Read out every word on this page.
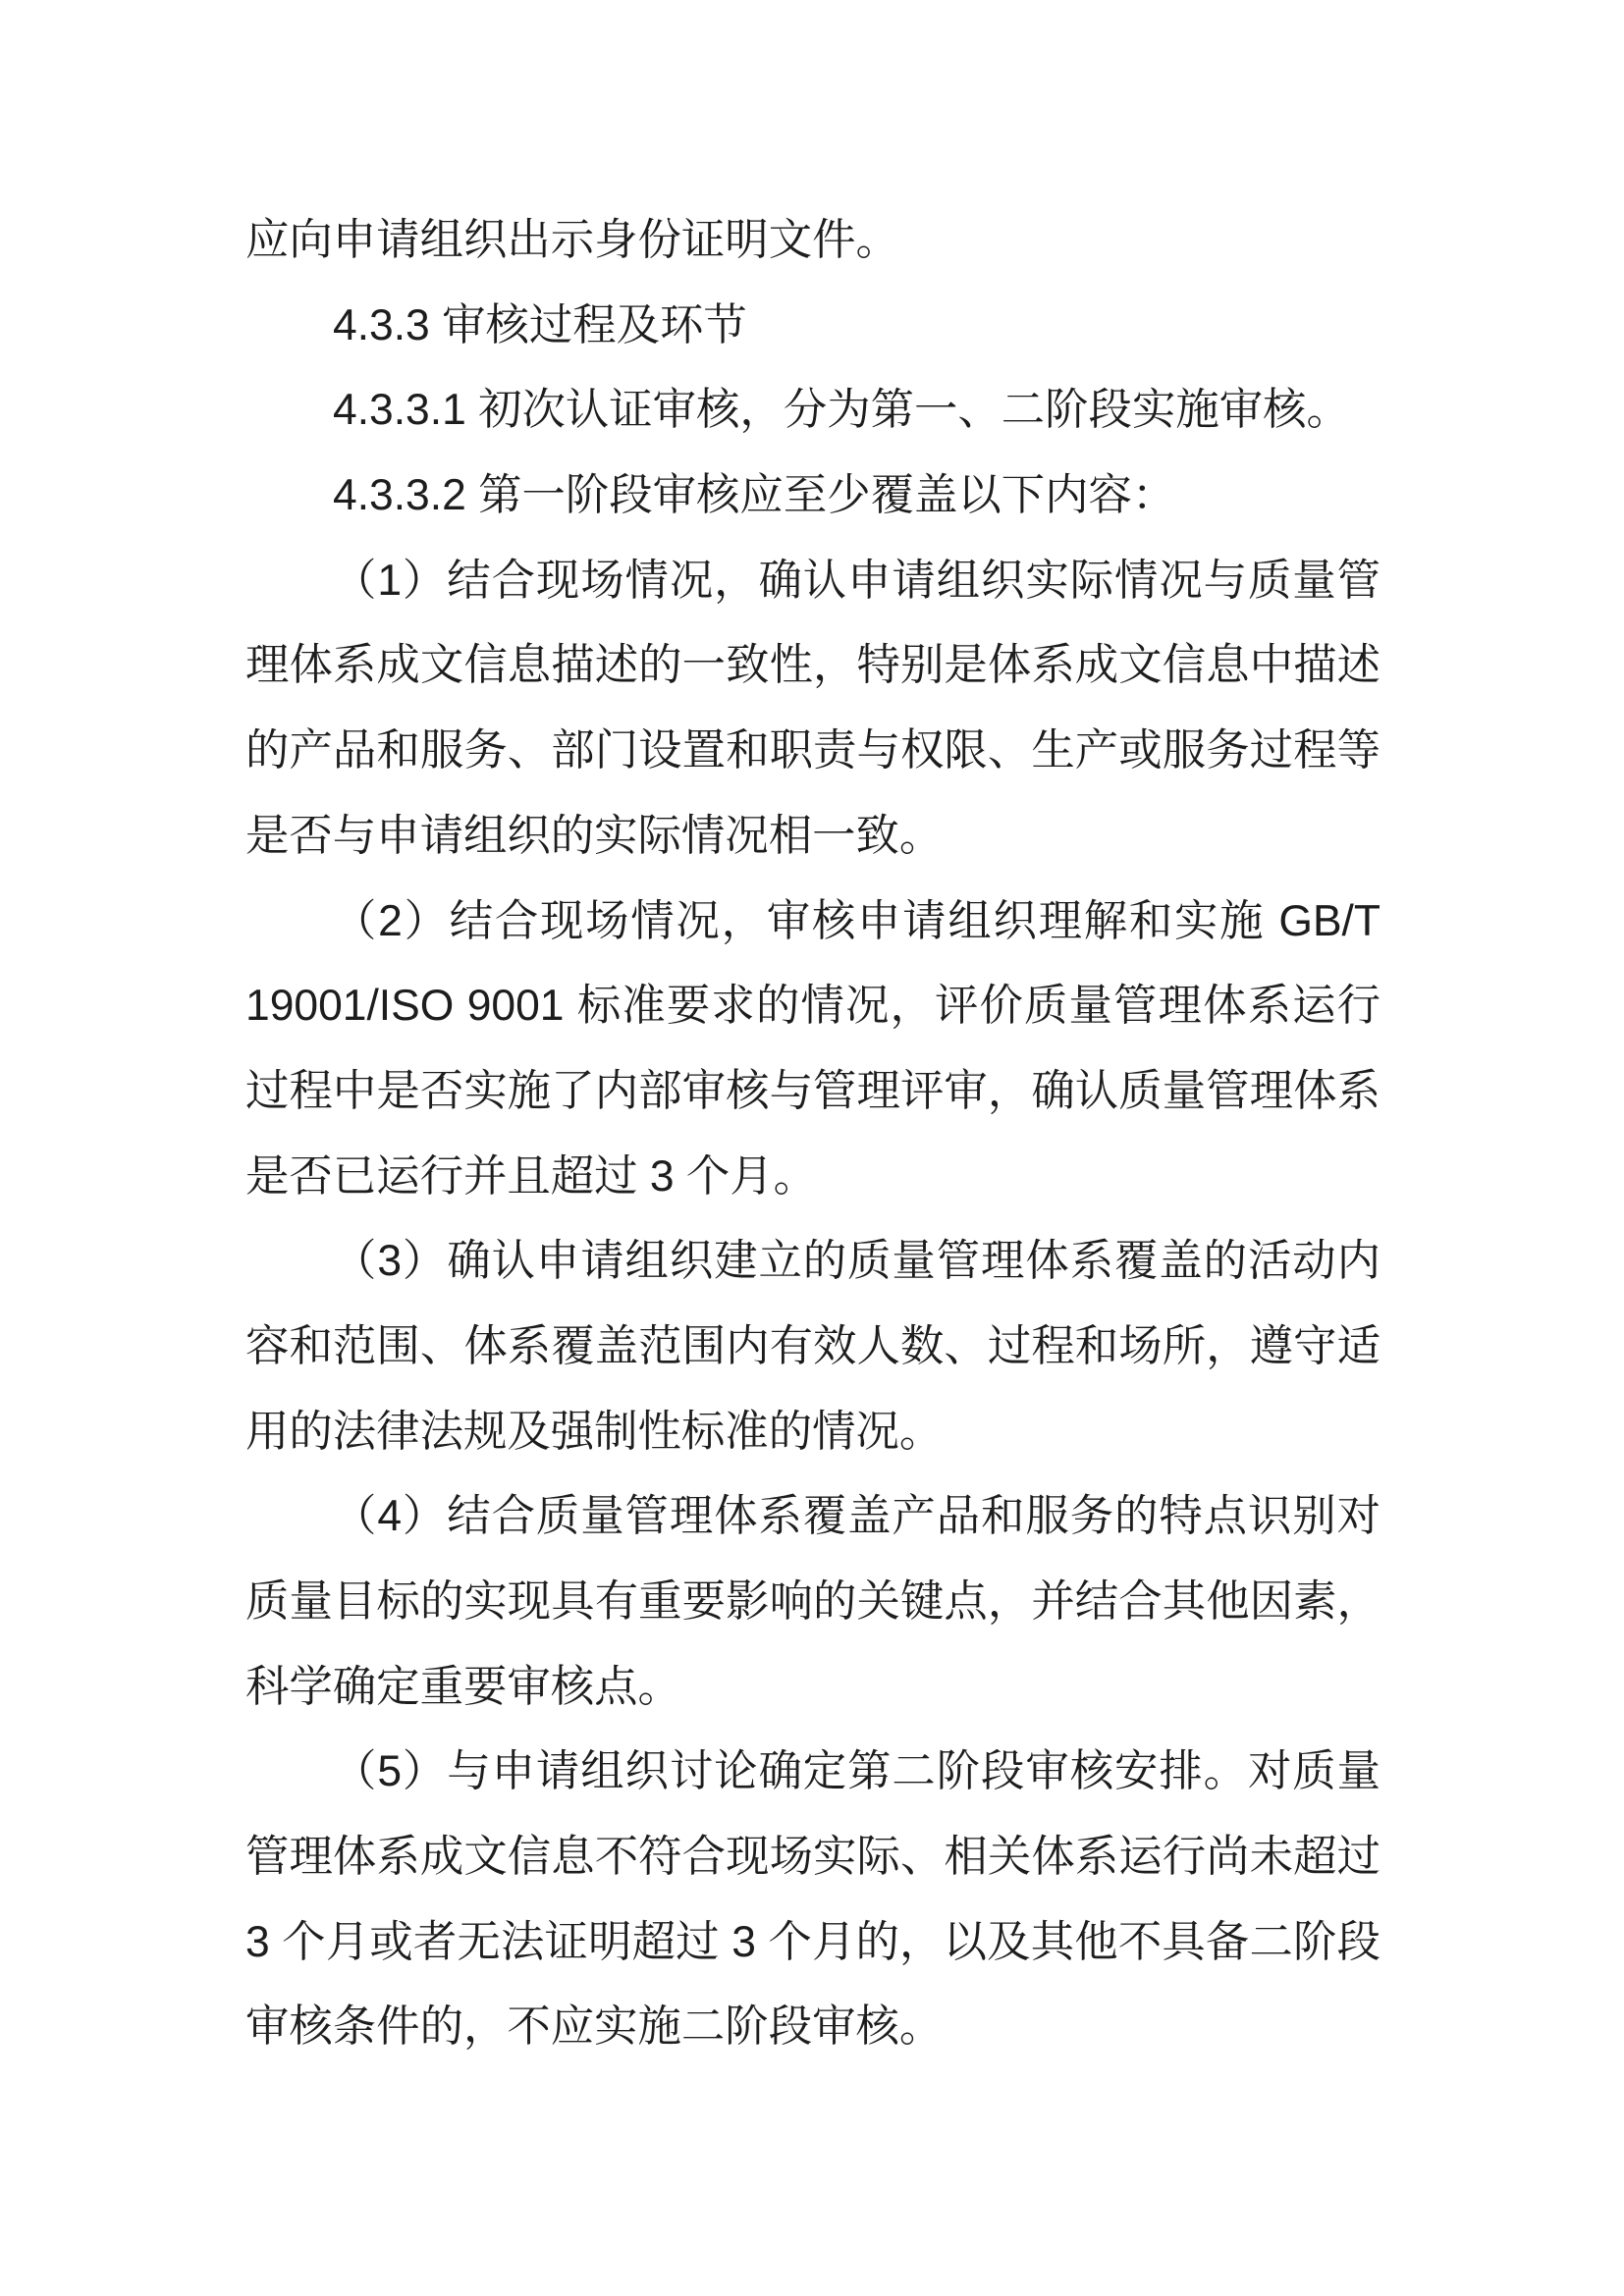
应向申请组织出示身份证明文件。
4.3.3 审核过程及环节
4.3.3.1 初次认证审核，分为第一、二阶段实施审核。
4.3.3.2 第一阶段审核应至少覆盖以下内容：
（1）结合现场情况，确认申请组织实际情况与质量管
理体系成文信息描述的一致性，特别是体系成文信息中描述
的产品和服务、部门设置和职责与权限、生产或服务过程等
是否与申请组织的实际情况相一致。
（2）结合现场情况，审核申请组织理解和实施 GB/T
19001/ISO 9001 标准要求的情况，评价质量管理体系运行
过程中是否实施了内部审核与管理评审，确认质量管理体系
是否已运行并且超过 3 个月。
（3）确认申请组织建立的质量管理体系覆盖的活动内
容和范围、体系覆盖范围内有效人数、过程和场所，遵守适
用的法律法规及强制性标准的情况。
（4）结合质量管理体系覆盖产品和服务的特点识别对
质量目标的实现具有重要影响的关键点，并结合其他因素，
科学确定重要审核点。
（5）与申请组织讨论确定第二阶段审核安排。对质量
管理体系成文信息不符合现场实际、相关体系运行尚未超过
3 个月或者无法证明超过 3 个月的，以及其他不具备二阶段
审核条件的，不应实施二阶段审核。
